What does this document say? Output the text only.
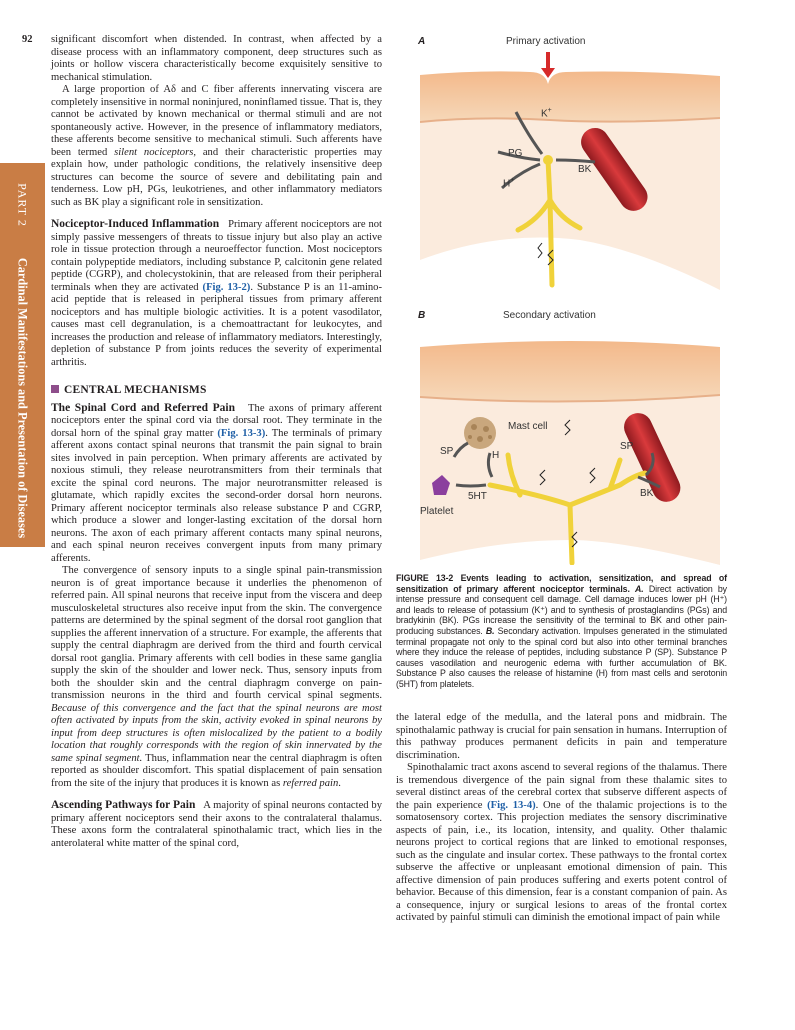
92
PART 2
Cardinal Manifestations and Presentation of Diseases

significant discomfort when distended. In contrast, when affected by a disease process with an inflammatory component, deep structures such as joints or hollow viscera characteristically become exquisitely sensitive to mechanical stimulation.

A large proportion of Aδ and C fiber afferents innervating viscera are completely insensitive in normal noninjured, noninflamed tissue. That is, they cannot be activated by known mechanical or thermal stimuli and are not spontaneously active. However, in the presence of inflammatory mediators, these afferents become sensitive to mechanical stimuli. Such afferents have been termed silent nociceptors, and their characteristic properties may explain how, under pathologic conditions, the relatively insensitive deep structures can become the source of severe and debilitating pain and tenderness. Low pH, PGs, leukotrienes, and other inflammatory mediators such as BK play a significant role in sensitization.

Nociceptor-Induced Inflammation Primary afferent nociceptors are not simply passive messengers of threats to tissue injury but also play an active role in tissue protection through a neuroeffector function. Most nociceptors contain polypeptide mediators, including substance P, calcitonin gene related peptide (CGRP), and cholecystokinin, that are released from their peripheral terminals when they are activated (Fig. 13-2). Substance P is an 11-amino-acid peptide that is released in peripheral tissues from primary afferent nociceptors and has multiple biologic activities. It is a potent vasodilator, causes mast cell degranulation, is a chemoattractant for leukocytes, and increases the production and release of inflammatory mediators. Interestingly, depletion of substance P from joints reduces the severity of experimental arthritis.

CENTRAL MECHANISMS

The Spinal Cord and Referred Pain The axons of primary afferent nociceptors enter the spinal cord via the dorsal root. They terminate in the dorsal horn of the spinal gray matter (Fig. 13-3). The terminals of primary afferent axons contact spinal neurons that transmit the pain signal to brain sites involved in pain perception. When primary afferents are activated by noxious stimuli, they release neurotransmitters from their terminals that excite the spinal cord neurons. The major neurotransmitter released is glutamate, which rapidly excites the second-order dorsal horn neurons. Primary afferent nociceptor terminals also release substance P and CGRP, which produce a slower and longer-lasting excitation of the dorsal horn neurons. The axon of each primary afferent contacts many spinal neurons, and each spinal neuron receives convergent inputs from many primary afferents.

The convergence of sensory inputs to a single spinal pain-transmission neuron is of great importance because it underlies the phenomenon of referred pain. All spinal neurons that receive input from the viscera and deep musculoskeletal structures also receive input from the skin. The convergence patterns are determined by the spinal segment of the dorsal root ganglion that supplies the afferent innervation of a structure. For example, the afferents that supply the central diaphragm are derived from the third and fourth cervical dorsal root ganglia. Primary afferents with cell bodies in these same ganglia supply the skin of the shoulder and lower neck. Thus, sensory inputs from both the shoulder skin and the central diaphragm converge on pain-transmission neurons in the third and fourth cervical spinal segments. Because of this convergence and the fact that the spinal neurons are most often activated by inputs from the skin, activity evoked in spinal neurons by input from deep structures is often mislocalized by the patient to a bodily location that roughly corresponds with the region of skin innervated by the same spinal segment. Thus, inflammation near the central diaphragm is often reported as shoulder discomfort. This spatial displacement of pain sensation from the site of the injury that produces it is known as referred pain.

Ascending Pathways for Pain A majority of spinal neurons contacted by primary afferent nociceptors send their axons to the contralateral thalamus. These axons form the contralateral spinothalamic tract, which lies in the anterolateral white matter of the spinal cord,

A	Primary activation
K+
PG
BK
H+
B	Secondary activation
Mast cell
SP	SP
H
5HT
Platelet
BK
FIGURE 13-2 Events leading to activation, sensitization, and spread of sensitization of primary afferent nociceptor terminals. A. Direct activation by intense pressure and consequent cell damage. Cell damage induces lower pH (H⁺) and leads to release of potassium (K⁺) and to synthesis of prostaglandins (PGs) and bradykinin (BK). PGs increase the sensitivity of the terminal to BK and other pain-producing substances. B. Secondary activation. Impulses generated in the stimulated terminal propagate not only to the spinal cord but also into other terminal branches where they induce the release of peptides, including substance P (SP). Substance P causes vasodilation and neurogenic edema with further accumulation of BK. Substance P also causes the release of histamine (H) from mast cells and serotonin (5HT) from platelets.

the lateral edge of the medulla, and the lateral pons and midbrain. The spinothalamic pathway is crucial for pain sensation in humans. Interruption of this pathway produces permanent deficits in pain and temperature discrimination.

Spinothalamic tract axons ascend to several regions of the thalamus. There is tremendous divergence of the pain signal from these thalamic sites to several distinct areas of the cerebral cortex that subserve different aspects of the pain experience (Fig. 13-4). One of the thalamic projections is to the somatosensory cortex. This projection mediates the sensory discriminative aspects of pain, i.e., its location, intensity, and quality. Other thalamic neurons project to cortical regions that are linked to emotional responses, such as the cingulate and insular cortex. These pathways to the frontal cortex subserve the affective or unpleasant emotional dimension of pain. This affective dimension of pain produces suffering and exerts potent control of behavior. Because of this dimension, fear is a constant companion of pain. As a consequence, injury or surgical lesions to areas of the frontal cortex activated by painful stimuli can diminish the emotional impact of pain while
